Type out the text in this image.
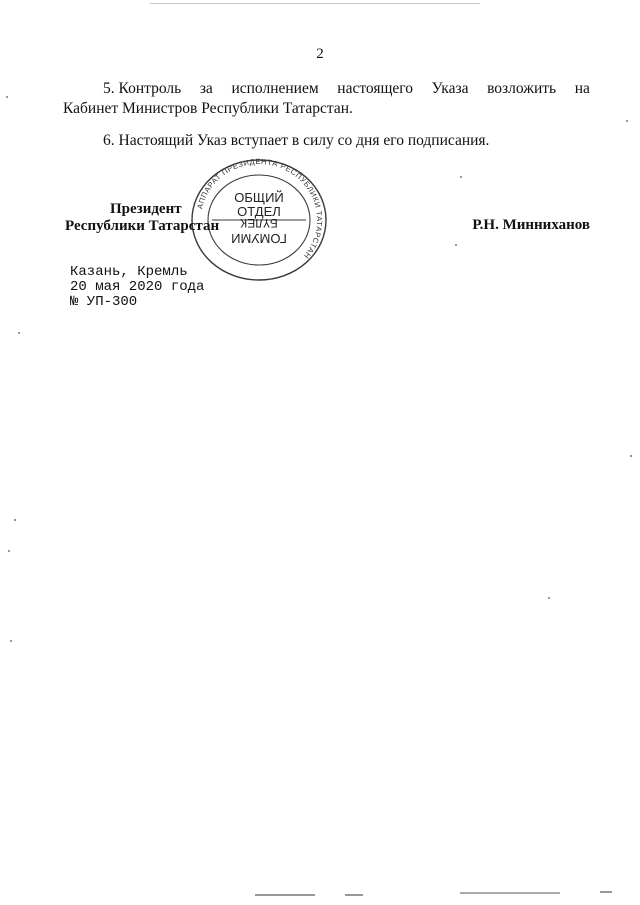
2
5. Контроль за исполнением настоящего Указа возложить на
Кабинет Министров Республики Татарстан.
6. Настоящий Указ вступает в силу со дня его подписания.
АППАРАТ ПРЕЗИДЕНТА РЕСПУБЛИКИ ТАТАРСТАН
ОБЩИЙ
ОТДЕЛ
ГОМУМИ
БҮЛЕК
Президент
Республики Татарстан	Р.Н. Минниханов
Казань, Кремль
20 мая 2020 года
№ УП-300
